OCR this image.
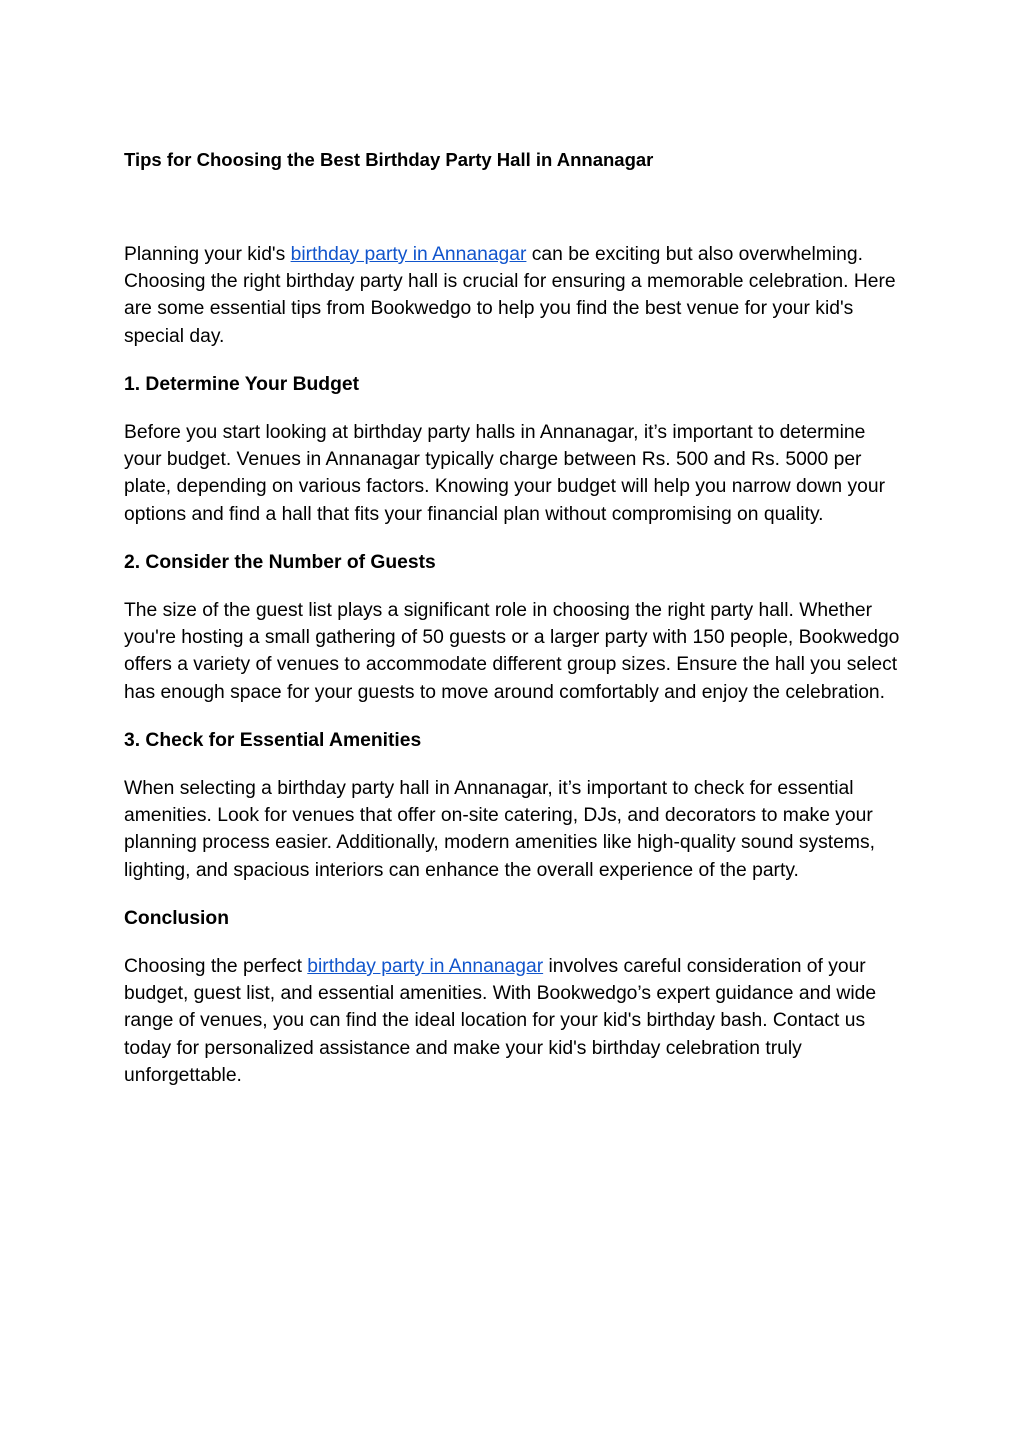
Tips for Choosing the Best Birthday Party Hall in Annanagar

Planning your kid's birthday party in Annanagar can be exciting but also overwhelming. Choosing the right birthday party hall is crucial for ensuring a memorable celebration. Here are some essential tips from Bookwedgo to help you find the best venue for your kid's special day.

1. Determine Your Budget

Before you start looking at birthday party halls in Annanagar, it’s important to determine your budget. Venues in Annanagar typically charge between Rs. 500 and Rs. 5000 per plate, depending on various factors. Knowing your budget will help you narrow down your options and find a hall that fits your financial plan without compromising on quality.

2. Consider the Number of Guests

The size of the guest list plays a significant role in choosing the right party hall. Whether you're hosting a small gathering of 50 guests or a larger party with 150 people, Bookwedgo offers a variety of venues to accommodate different group sizes. Ensure the hall you select has enough space for your guests to move around comfortably and enjoy the celebration.

3. Check for Essential Amenities

When selecting a birthday party hall in Annanagar, it’s important to check for essential amenities. Look for venues that offer on-site catering, DJs, and decorators to make your planning process easier. Additionally, modern amenities like high-quality sound systems, lighting, and spacious interiors can enhance the overall experience of the party.

Conclusion

Choosing the perfect birthday party in Annanagar involves careful consideration of your budget, guest list, and essential amenities. With Bookwedgo’s expert guidance and wide range of venues, you can find the ideal location for your kid's birthday bash. Contact us today for personalized assistance and make your kid's birthday celebration truly unforgettable.
